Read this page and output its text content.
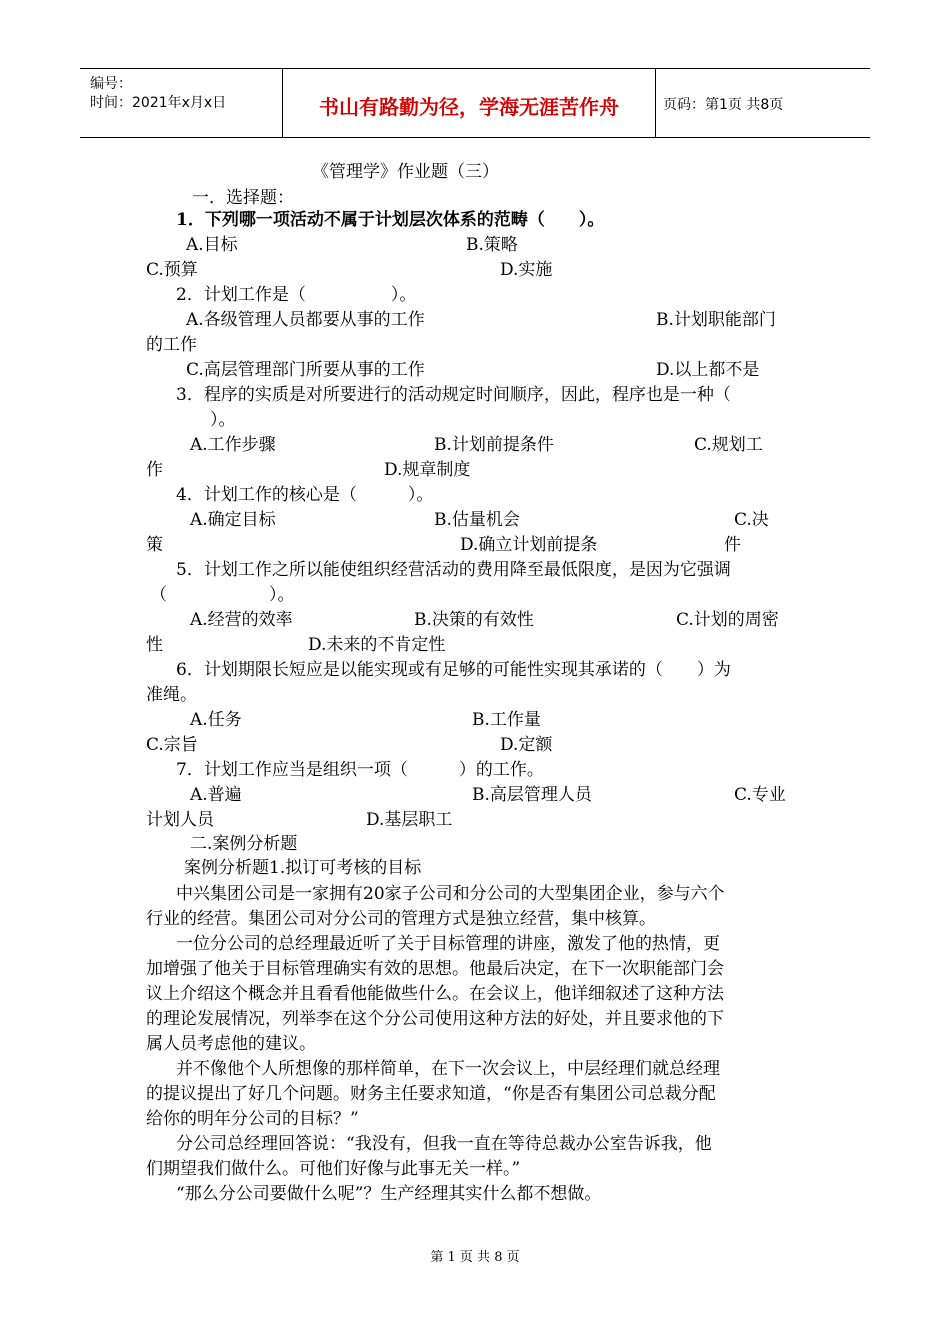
编号：
时间：2021年x月x日	书山有路勤为径，学海无涯苦作舟	页码：第1页 共8页
《管理学》作业题（三）
一．选择题：
1．下列哪一项活动不属于计划层次体系的范畴（　　）。
A.目标	B.策略
C.预算	D.实施
2．计划工作是（　　　　　）。
A.各级管理人员都要从事的工作	B.计划职能部门
的工作
C.高层管理部门所要从事的工作	D.以上都不是
3．程序的实质是对所要进行的活动规定时间顺序，因此，程序也是一种（
　　）。
A.工作步骤	B.计划前提条件	C.规划工
作	D.规章制度
4．计划工作的核心是（　　　）。
A.确定目标	B.估量机会	C.决
策	D.确立计划前提条	件
5．计划工作之所以能使组织经营活动的费用降至最低限度，是因为它强调
（　　　　　　）。
A.经营的效率	B.决策的有效性	C.计划的周密
性	D.未来的不肯定性
6．计划期限长短应是以能实现或有足够的可能性实现其承诺的（　　）为
准绳。
A.任务	B.工作量
C.宗旨	D.定额
7．计划工作应当是组织一项（　　　）的工作。
A.普遍	B.高层管理人员	C.专业
计划人员	D.基层职工
二.案例分析题
案例分析题1.拟订可考核的目标
中兴集团公司是一家拥有20家子公司和分公司的大型集团企业，参与六个
行业的经营。集团公司对分公司的管理方式是独立经营，集中核算。
一位分公司的总经理最近听了关于目标管理的讲座，激发了他的热情，更
加增强了他关于目标管理确实有效的思想。他最后决定，在下一次职能部门会
议上介绍这个概念并且看看他能做些什么。在会议上，他详细叙述了这种方法
的理论发展情况，列举李在这个分公司使用这种方法的好处，并且要求他的下
属人员考虑他的建议。
并不像他个人所想像的那样简单，在下一次会议上，中层经理们就总经理
的提议提出了好几个问题。财务主任要求知道，“你是否有集团公司总裁分配
给你的明年分公司的目标？”
分公司总经理回答说：“我没有，但我一直在等待总裁办公室告诉我，他
们期望我们做什么。可他们好像与此事无关一样。”
“那么分公司要做什么呢”？生产经理其实什么都不想做。
第 1 页 共 8 页
